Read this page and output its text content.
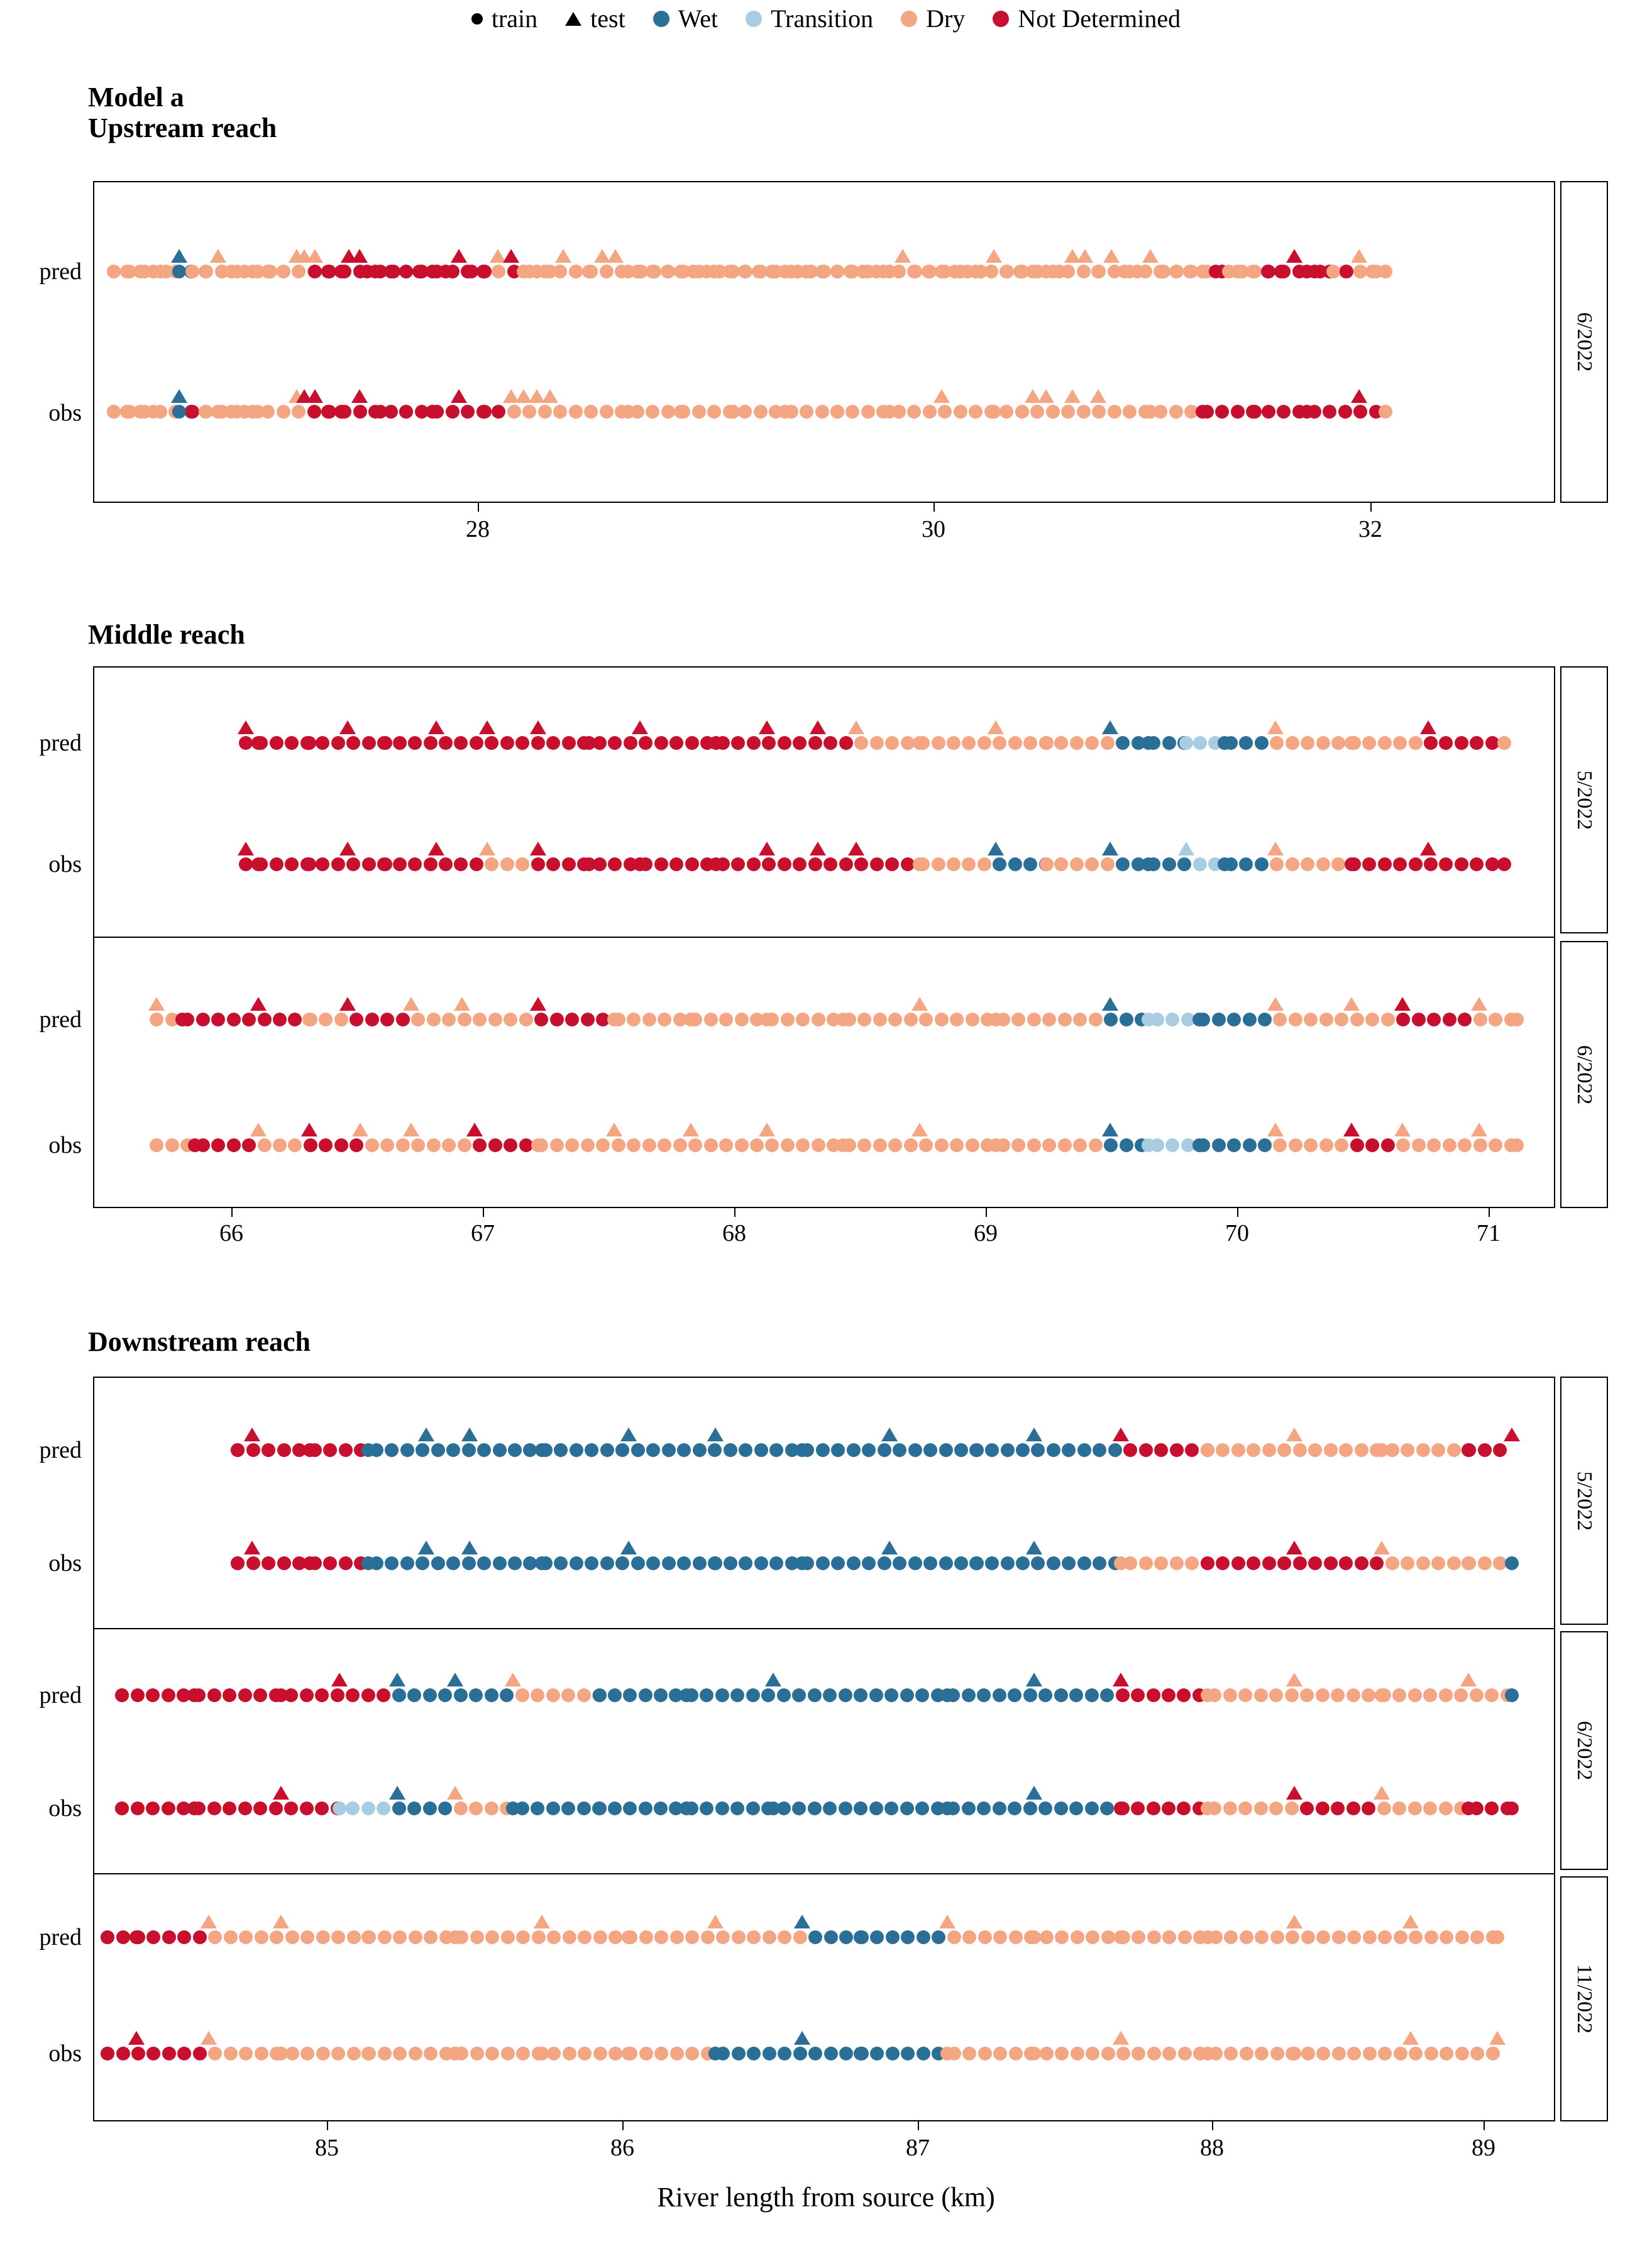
train test Wet Transition Dry Not Determined
Model a
Upstream reach
Middle reach
Downstream reach
6/2022
pred
obs
28	30	32
5/2022
6/2022
pred
obs
pred
obs
66	67	68	69	70	71
5/2022
6/2022
11/2022
pred
obs
pred
obs
pred
obs
85	86	87	88	89
River length from source (km)
